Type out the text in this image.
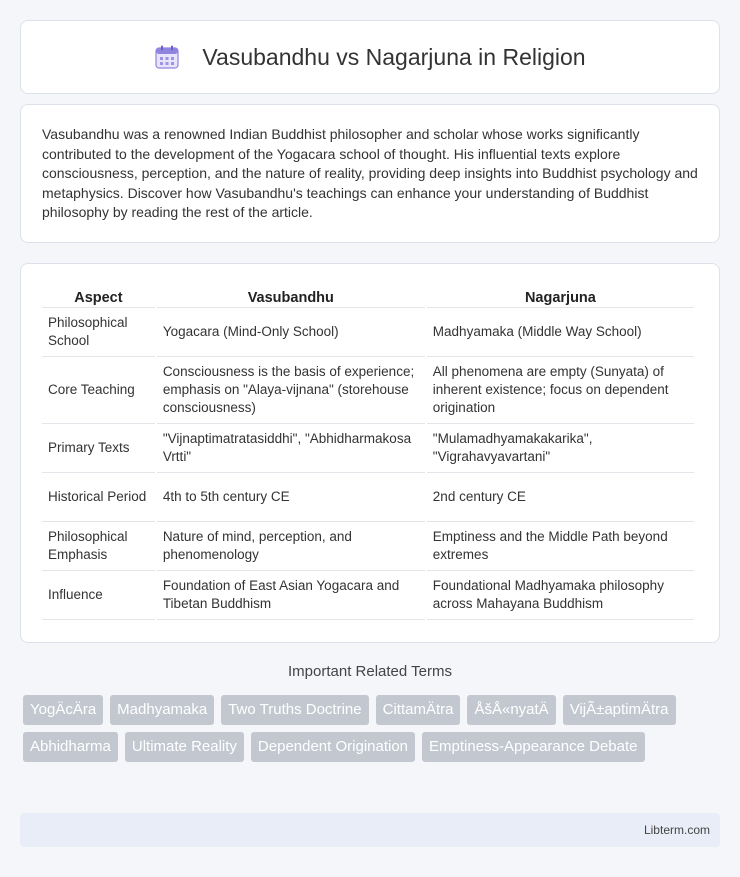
Vasubandhu vs Nagarjuna in Religion

Vasubandhu was a renowned Indian Buddhist philosopher and scholar whose works significantly contributed to the development of the Yogacara school of thought. His influential texts explore consciousness, perception, and the nature of reality, providing deep insights into Buddhist psychology and metaphysics. Discover how Vasubandhu's teachings can enhance your understanding of Buddhist philosophy by reading the rest of the article.

Aspect	Vasubandhu	Nagarjuna
Philosophical School	Yogacara (Mind-Only School)	Madhyamaka (Middle Way School)
Core Teaching	Consciousness is the basis of experience; emphasis on "Alaya-vijnana" (storehouse consciousness)	All phenomena are empty (Sunyata) of inherent existence; focus on dependent origination
Primary Texts	"Vijnaptimatratasiddhi", "Abhidharmakosa Vrtti"	"Mulamadhyamakakarika", "Vigrahavyavartani"
Historical Period	4th to 5th century CE	2nd century CE
Philosophical Emphasis	Nature of mind, perception, and phenomenology	Emptiness and the Middle Path beyond extremes
Influence	Foundation of East Asian Yogacara and Tibetan Buddhism	Foundational Madhyamaka philosophy across Mahayana Buddhism
Important Related Terms
YogÄcÄra	Madhyamaka	Two Truths Doctrine	CittamÄtra	ÅšÅ«nyatÄ	VijÃ±aptimÄtra
Abhidharma	Ultimate Reality	Dependent Origination	Emptiness-Appearance Debate
Libterm.com
